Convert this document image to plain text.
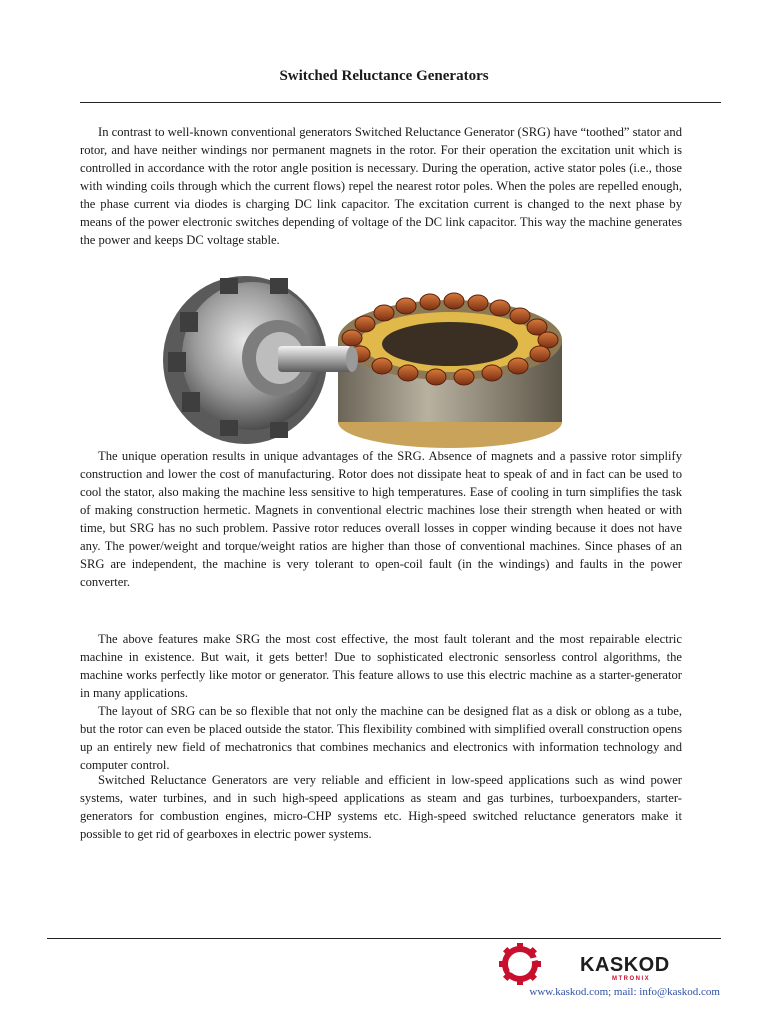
Switched Reluctance Generators

In contrast to well-known conventional generators Switched Reluctance Generator (SRG) have “toothed” stator and rotor, and have neither windings nor permanent magnets in the rotor. For their operation the excitation unit which is controlled in accordance with the rotor angle position is necessary. During the operation, active stator poles (i.e., those with winding coils through which the current flows) repel the nearest rotor poles. When the poles are repelled enough, the phase current via diodes is charging DC link capacitor. The excitation current is changed to the next phase by means of the power electronic switches depending of voltage of the DC link capacitor. This way the machine generates the power and keeps DC voltage stable.

The unique operation results in unique advantages of the SRG. Absence of magnets and a passive rotor simplify construction and lower the cost of manufacturing. Rotor does not dissipate heat to speak of and in fact can be used to cool the stator, also making the machine less sensitive to high temperatures. Ease of cooling in turn simplifies the task of making construction hermetic. Magnets in conventional electric machines lose their strength when heated or with time, but SRG has no such problem. Passive rotor reduces overall losses in copper winding because it does not have any. The power/weight and torque/weight ratios are higher than those of conventional machines. Since phases of an SRG are independent, the machine is very tolerant to open-coil fault (in the windings) and faults in the power converter.

The above features make SRG the most cost effective, the most fault tolerant and the most repairable electric machine in existence. But wait, it gets better! Due to sophisticated electronic sensorless control algorithms, the machine works perfectly like motor or generator. This feature allows to use this electric machine as a starter-generator in many applications.

The layout of SRG can be so flexible that not only the machine can be designed flat as a disk or oblong as a tube, but the rotor can even be placed outside the stator. This flexibility combined with simplified overall construction opens up an entirely new field of mechatronics that combines mechanics and electronics with information technology and computer control.

Switched Reluctance Generators are very reliable and efficient in low-speed applications such as wind power systems, water turbines, and in such high-speed applications as steam and gas turbines, turboexpanders, starter-generators for combustion engines, micro-CHP systems etc. High-speed switched reluctance generators make it possible to get rid of gearboxes in electric power systems.

KASKOD
MTRONIX
www.kaskod.com; mail: info@kaskod.com
